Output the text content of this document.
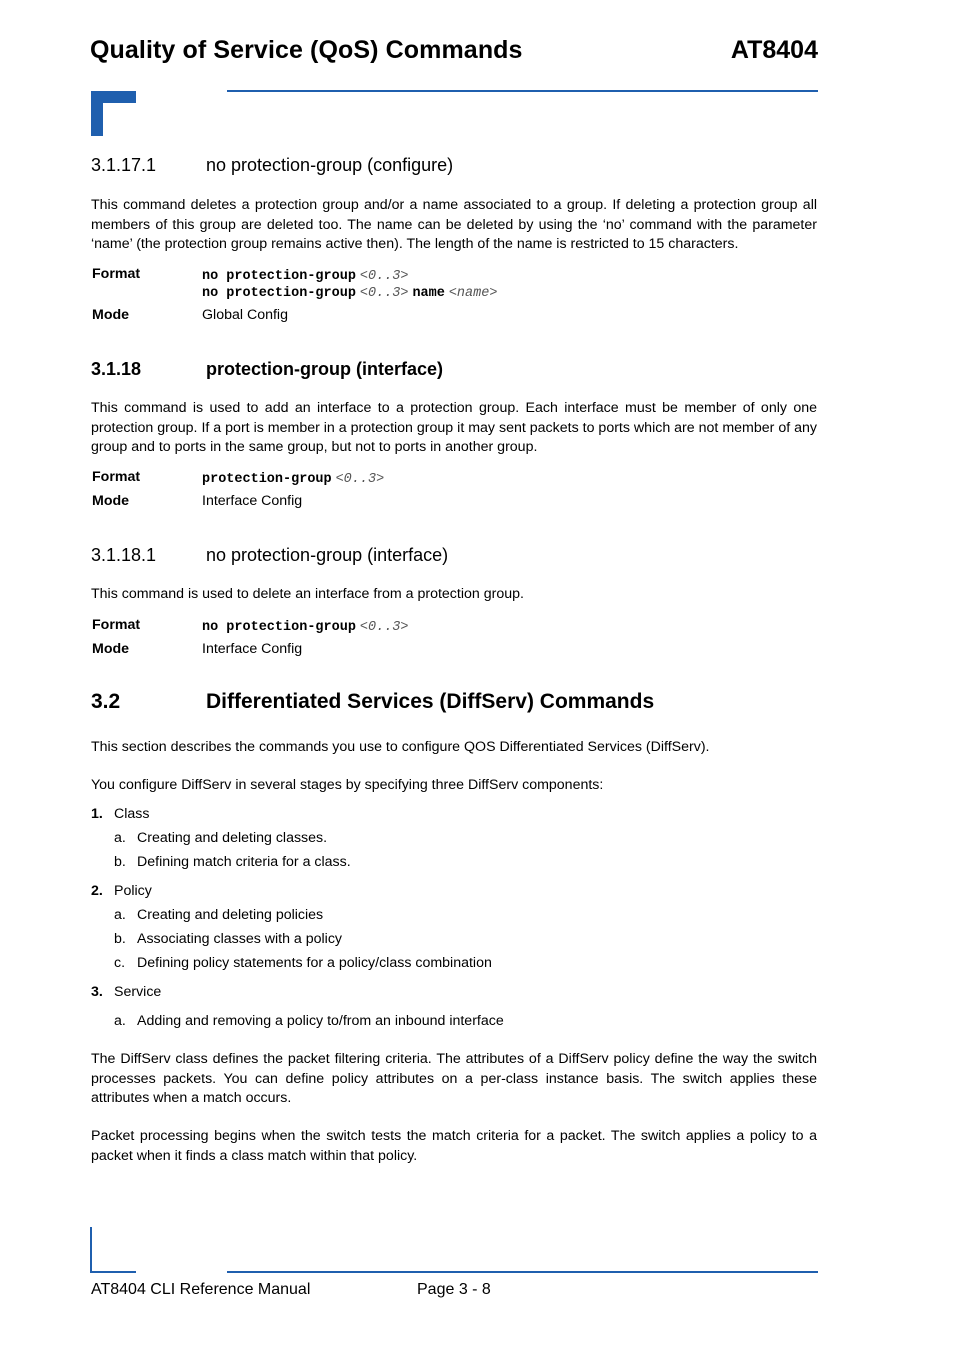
Quality of Service (QoS) Commands	AT8404
3.1.17.1	no protection-group (configure)
This command deletes a protection group and/or a name associated to a group. If deleting a protection group all members of this group are deleted too. The name can be deleted by using the ‘no’ command with the parameter ‘name’ (the protection group remains active then). The length of the name is restricted to 15 characters.
Format	no protection-group <0..3>
no protection-group <0..3> name <name>
Mode	Global Config
3.1.18	protection-group (interface)
This command is used to add an interface to a protection group. Each interface must be member of only one protection group. If a port is member in a protection group it may sent packets to ports which are not member of any group and to ports in the same group, but not to ports in another group.
Format	protection-group <0..3>
Mode	Interface Config
3.1.18.1	no protection-group (interface)
This command is used to delete an interface from a protection group.
Format	no protection-group <0..3>
Mode	Interface Config
3.2	Differentiated Services (DiffServ) Commands
This section describes the commands you use to configure QOS Differentiated Services (DiffServ).
You configure DiffServ in several stages by specifying three DiffServ components:
1. Class
a. Creating and deleting classes.
b. Defining match criteria for a class.
2. Policy
a. Creating and deleting policies
b. Associating classes with a policy
c. Defining policy statements for a policy/class combination
3. Service
a. Adding and removing a policy to/from an inbound interface
The DiffServ class defines the packet filtering criteria. The attributes of a DiffServ policy define the way the switch processes packets. You can define policy attributes on a per-class instance basis. The switch applies these attributes when a match occurs.
Packet processing begins when the switch tests the match criteria for a packet. The switch applies a policy to a packet when it finds a class match within that policy.
AT8404 CLI Reference Manual	Page 3 - 8
